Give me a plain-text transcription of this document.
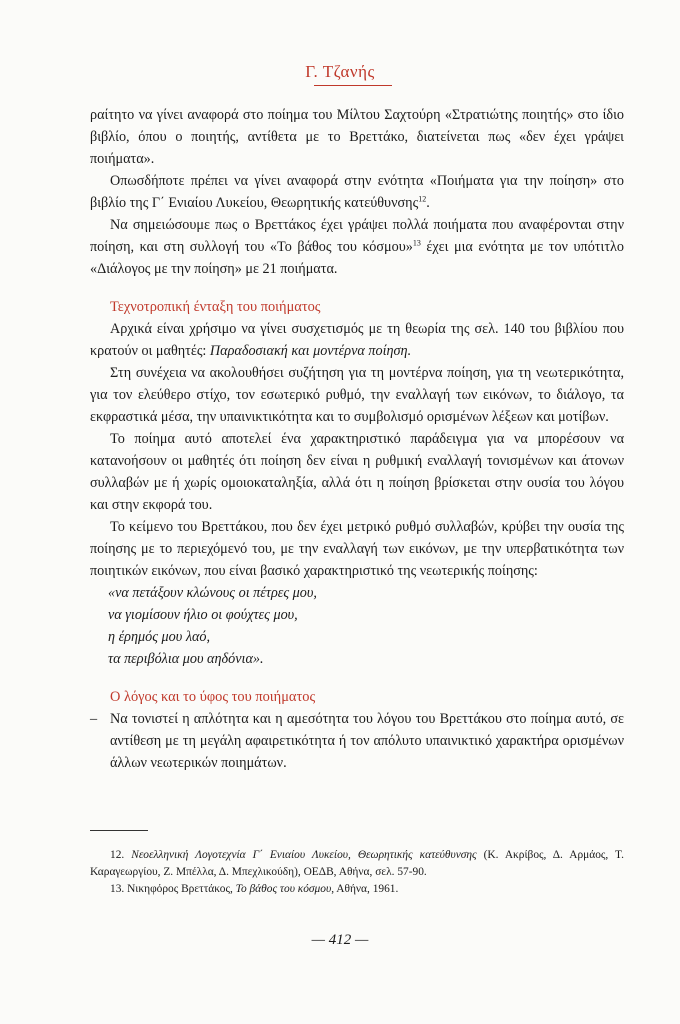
Γ. Τζανής

ραίτητο να γίνει αναφορά στο ποίημα του Μίλτου Σαχτούρη «Στρατιώτης ποιητής» στο ίδιο βιβλίο, όπου ο ποιητής, αντίθετα με το Βρεττάκο, διατείνεται πως «δεν έχει γράψει ποιήματα».

Οπωσδήποτε πρέπει να γίνει αναφορά στην ενότητα «Ποιήματα για την ποίηση» στο βιβλίο της Γ΄ Ενιαίου Λυκείου, Θεωρητικής κατεύθυνσης$^{12}$.

Να σημειώσουμε πως ο Βρεττάκος έχει γράψει πολλά ποιήματα που αναφέρονται στην ποίηση, και στη συλλογή του «Το βάθος του κόσμου»$^{13}$ έχει μια ενότητα με τον υπότιτλο «Διάλογος με την ποίηση» με 21 ποιήματα.

Τεχνοτροπική ένταξη του ποιήματος

Αρχικά είναι χρήσιμο να γίνει συσχετισμός με τη θεωρία της σελ. 140 του βιβλίου που κρατούν οι μαθητές: Παραδοσιακή και μοντέρνα ποίηση.

Στη συνέχεια να ακολουθήσει συζήτηση για τη μοντέρνα ποίηση, για τη νεωτερικότητα, για τον ελεύθερο στίχο, τον εσωτερικό ρυθμό, την εναλλαγή των εικόνων, το διάλογο, τα εκφραστικά μέσα, την υπαινικτικότητα και το συμβολισμό ορισμένων λέξεων και μοτίβων.

Το ποίημα αυτό αποτελεί ένα χαρακτηριστικό παράδειγμα για να μπορέσουν να κατανοήσουν οι μαθητές ότι ποίηση δεν είναι η ρυθμική εναλλαγή τονισμένων και άτονων συλλαβών με ή χωρίς ομοιοκαταληξία, αλλά ότι η ποίηση βρίσκεται στην ουσία του λόγου και στην εκφορά του.

Το κείμενο του Βρεττάκου, που δεν έχει μετρικό ρυθμό συλλαβών, κρύβει την ουσία της ποίησης με το περιεχόμενό του, με την εναλλαγή των εικόνων, με την υπερβατικότητα των ποιητικών εικόνων, που είναι βασικό χαρακτηριστικό της νεωτερικής ποίησης:

«να πετάξουν κλώνους οι πέτρες μου,
να γιομίσουν ήλιο οι φούχτες μου,
η έρημός μου λαό,
τα περιβόλια μου αηδόνια».
Ο λόγος και το ύφος του ποιήματος
– Να τονιστεί η απλότητα και η αμεσότητα του λόγου του Βρεττάκου στο ποίημα αυτό, σε αντίθεση με τη μεγάλη αφαιρετικότητα ή τον απόλυτο υπαινικτικό χαρακτήρα ορισμένων άλλων νεωτερικών ποιημάτων.

12. Νεοελληνική Λογοτεχνία Γ΄ Ενιαίου Λυκείου, Θεωρητικής κατεύθυνσης (Κ. Ακρίβος, Δ. Αρμάος, Τ. Καραγεωργίου, Ζ. Μπέλλα, Δ. Μπεχλικούδη), ΟΕΔΒ, Αθήνα, σελ. 57-90.

13. Νικηφόρος Βρεττάκος, Το βάθος του κόσμου, Αθήνα, 1961.

— 412 —
